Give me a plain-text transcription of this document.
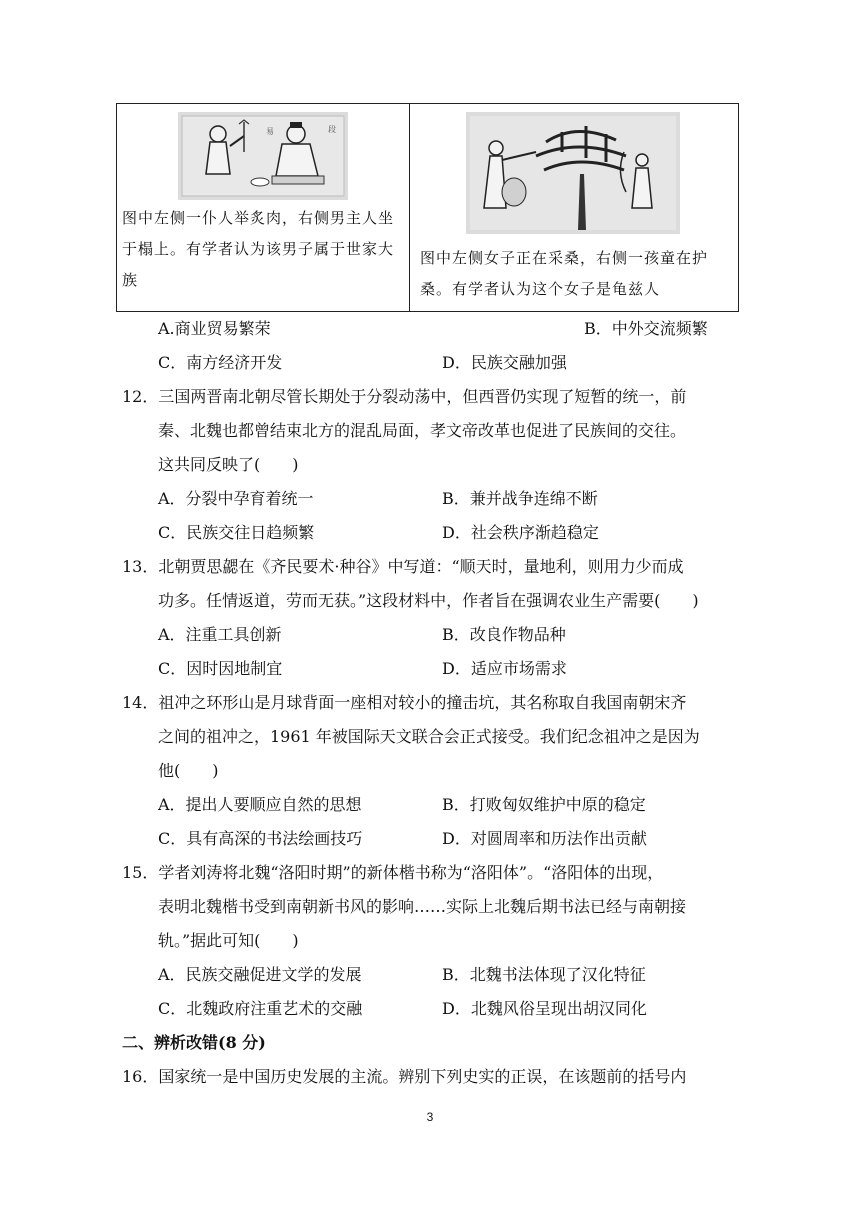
易	段
图中左侧一仆人举炙肉，右侧男主人坐于榻上。有学者认为该男子属于世家大族
图中左侧女子正在采桑，右侧一孩童在护桑。有学者认为这个女子是龟兹人
A.商业贸易繁荣	B．中外交流频繁
C．南方经济开发	D．民族交融加强
12．三国两晋南北朝尽管长期处于分裂动荡中，但西晋仍实现了短暂的统一，前
秦、北魏也都曾结束北方的混乱局面，孝文帝改革也促进了民族间的交往。
这共同反映了(　　)
A．分裂中孕育着统一	B．兼并战争连绵不断
C．民族交往日趋频繁	D．社会秩序渐趋稳定
13．北朝贾思勰在《齐民要术·种谷》中写道：“顺天时，量地利，则用力少而成
功多。任情返道，劳而无获。”这段材料中，作者旨在强调农业生产需要(　　)
A．注重工具创新	B．改良作物品种
C．因时因地制宜	D．适应市场需求
14．祖冲之环形山是月球背面一座相对较小的撞击坑，其名称取自我国南朝宋齐
之间的祖冲之，1961 年被国际天文联合会正式接受。我们纪念祖冲之是因为
他(　　)
A．提出人要顺应自然的思想	B．打败匈奴维护中原的稳定
C．具有高深的书法绘画技巧	D．对圆周率和历法作出贡献
15．学者刘涛将北魏“洛阳时期”的新体楷书称为“洛阳体”。“洛阳体的出现，
表明北魏楷书受到南朝新书风的影响……实际上北魏后期书法已经与南朝接
轨。”据此可知(　　)
A．民族交融促进文学的发展	B．北魏书法体现了汉化特征
C．北魏政府注重艺术的交融	D．北魏风俗呈现出胡汉同化
二、辨析改错(8 分)
16．国家统一是中国历史发展的主流。辨别下列史实的正误，在该题前的括号内
3
